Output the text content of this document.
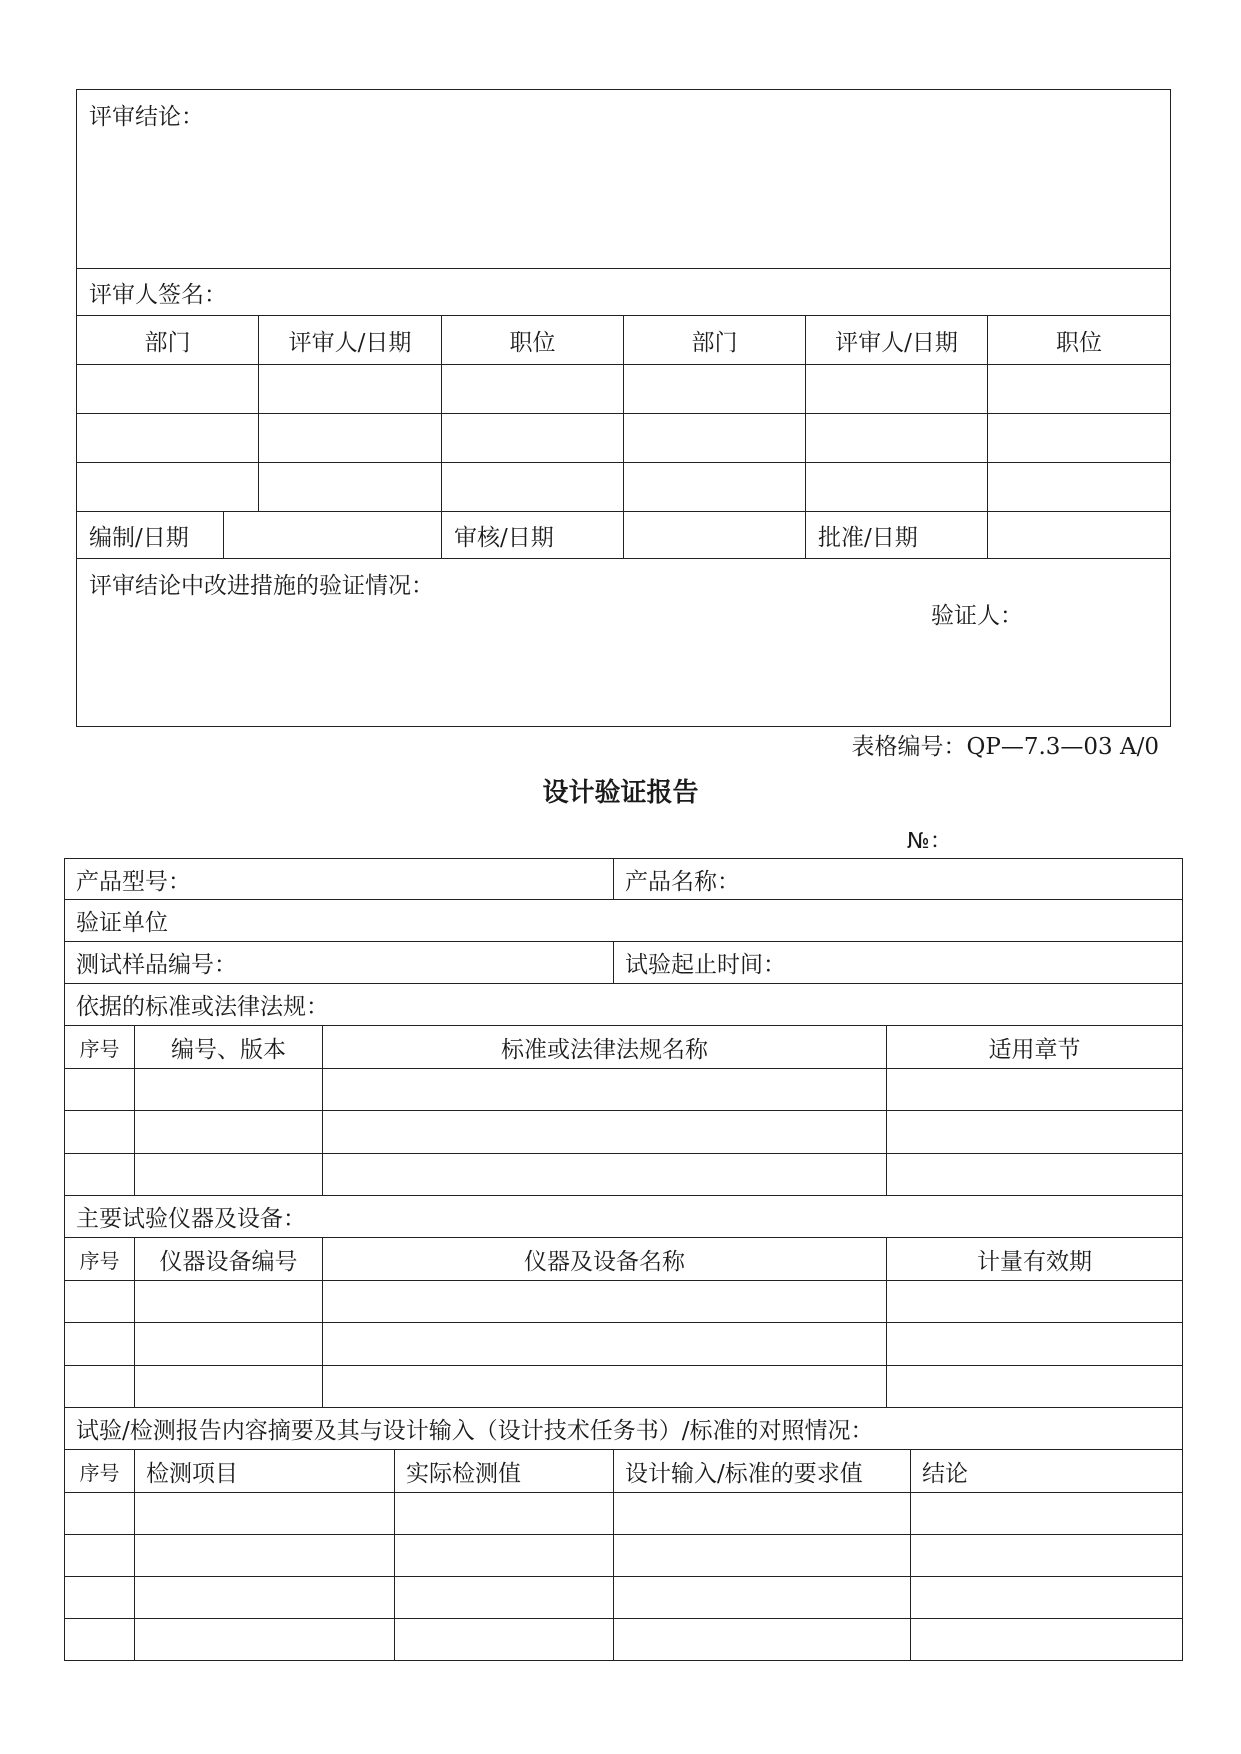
评审结论：						
评审人签名：						
部门		评审人/日期	职位	部门	评审人/日期	职位

编制/日期			审核/日期		批准/日期	

评审结论中改进措施的验证情况：
验证人：						
表格编号：QP—7.3—03 A/0
设计验证报告
№：
产品型号：				产品名称：		
验证单位						
测试样品编号：				试验起止时间：		
依据的标准或法律法规：						
序号	编号、版本	标准或法律法规名称			适用章节	

主要试验仪器及设备：						
序号	仪器设备编号	仪器及设备名称			计量有效期	

试验/检测报告内容摘要及其与设计输入（设计技术任务书）/标准的对照情况：						
序号	检测项目		实际检测值	设计输入/标准的要求值		结论
